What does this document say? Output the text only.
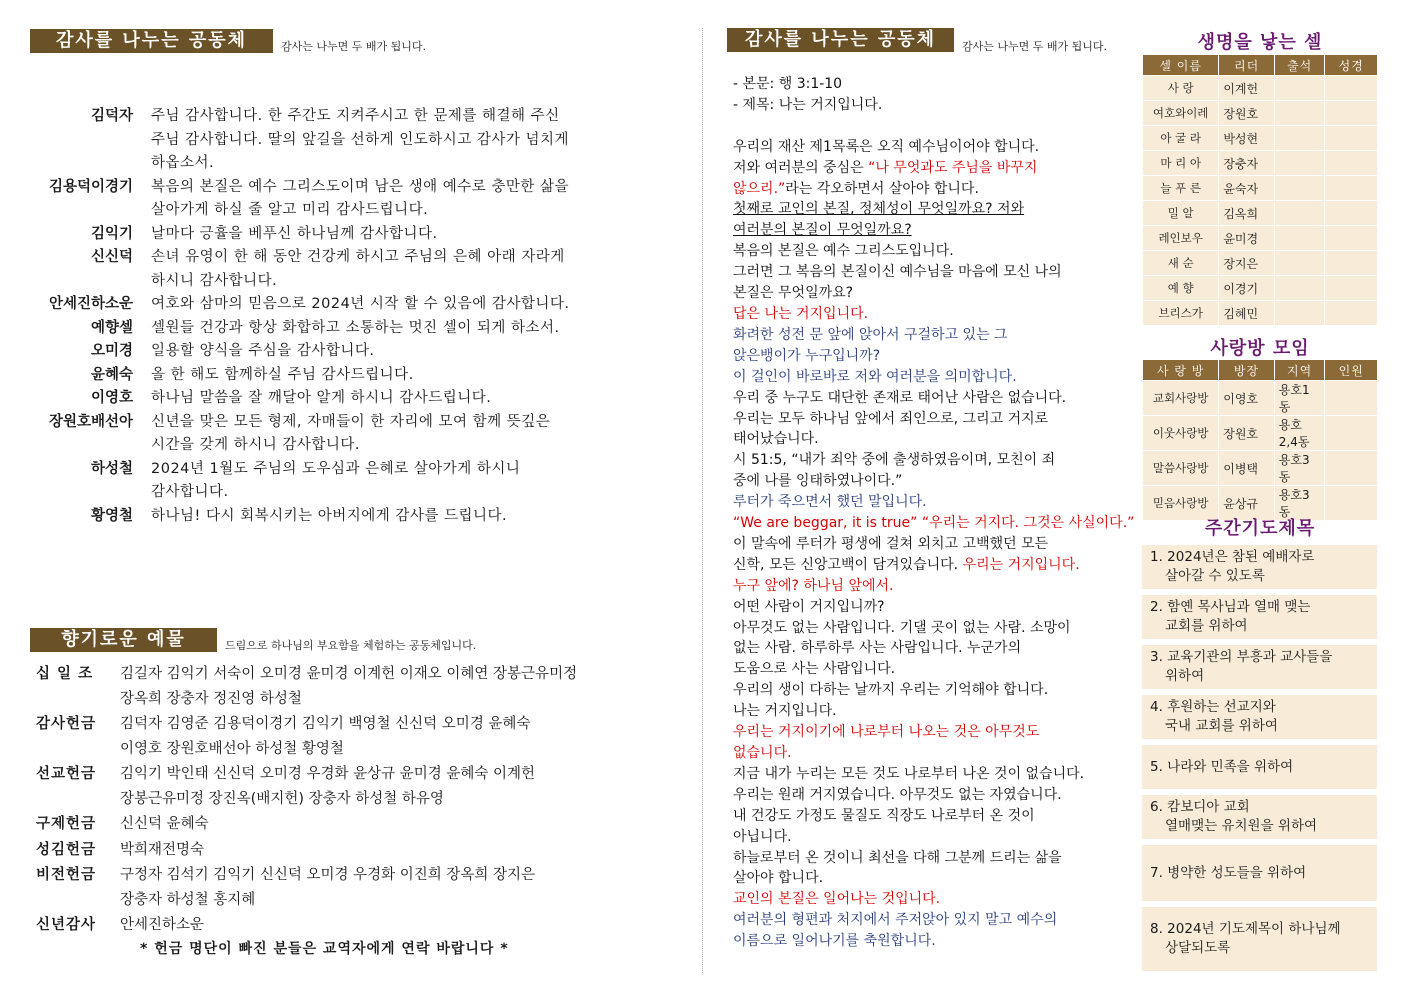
감사를 나누는 공동체	감사는 나누면 두 배가 됩니다.
김덕자	주님 감사합니다. 한 주간도 지켜주시고 한 문제를 해결해 주신
주님 감사합니다. 딸의 앞길을 선하게 인도하시고 감사가 넘치게
하옵소서.
김용덕이경기	복음의 본질은 예수 그리스도이며 남은 생애 예수로 충만한 삶을
살아가게 하실 줄 알고 미리 감사드립니다.
김익기	날마다 긍휼을 베푸신 하나님께 감사합니다.
신신덕	손녀 유영이 한 해 동안 건강케 하시고 주님의 은혜 아래 자라게
하시니 감사합니다.
안세진하소운	여호와 삼마의 믿음으로 2024년 시작 할 수 있음에 감사합니다.
예향셀	셀원들 건강과 항상 화합하고 소통하는 멋진 셀이 되게 하소서.
오미경	일용할 양식을 주심을 감사합니다.
윤혜숙	올 한 해도 함께하실 주님 감사드립니다.
이영호	하나님 말씀을 잘 깨달아 알게 하시니 감사드립니다.
장원호배선아	신년을 맞은 모든 형제, 자매들이 한 자리에 모여 함께 뜻깊은
시간을 갖게 하시니 감사합니다.
하성철	2024년 1월도 주님의 도우심과 은혜로 살아가게 하시니
감사합니다.
황영철	하나님! 다시 회복시키는 아버지에게 감사를 드립니다.
향기로운 예물	드림으로 하나님의 부요함을 체험하는 공동체입니다.
십 일 조	김길자 김익기 서숙이 오미경 윤미경 이계헌 이재오 이혜연 장봉근유미정
장옥희 장충자 정진영 하성철
감사헌금	김덕자 김영준 김용덕이경기 김익기 백영철 신신덕 오미경 윤혜숙
이영호 장원호배선아 하성철 황영철
선교헌금	김익기 박인태 신신덕 오미경 우경화 윤상규 윤미경 윤혜숙 이계헌
장봉근유미정 장진옥(배지헌) 장충자 하성철 하유영
구제헌금	신신덕 윤혜숙
성김헌금	박희재전명숙
비전헌금	구정자 김석기 김익기 신신덕 오미경 우경화 이진희 장옥희 장지은
장충자 하성철 홍지혜
신년감사	안세진하소운
* 헌금 명단이 빠진 분들은 교역자에게 연락 바랍니다 *
감사를 나누는 공동체	감사는 나누면 두 배가 됩니다.

- 본문: 행 3:1-10

- 제목: 나는 거지입니다.

우리의 재산 제1목록은 오직 예수님이어야 합니다.

저와 여러분의 중심은 “나 무엇과도 주님을 바꾸지

않으리.”라는 각오하면서 살아야 합니다.

첫째로 교인의 본질, 정체성이 무엇일까요? 저와

여러분의 본질이 무엇일까요?

복음의 본질은 예수 그리스도입니다.

그러면 그 복음의 본질이신 예수님을 마음에 모신 나의

본질은 무엇일까요?

답은 나는 거지입니다.

화려한 성전 문 앞에 앉아서 구걸하고 있는 그

앉은뱅이가 누구입니까?

이 걸인이 바로바로 저와 여러분을 의미합니다.

우리 중 누구도 대단한 존재로 태어난 사람은 없습니다.

우리는 모두 하나님 앞에서 죄인으로, 그리고 거지로

태어났습니다.

시 51:5, “내가 죄악 중에 출생하였음이며, 모친이 죄

중에 나를 잉태하였나이다.”

루터가 죽으면서 했던 말입니다.

“We are beggar, it is true” “우리는 거지다. 그것은 사실이다.”

이 말속에 루터가 평생에 걸쳐 외치고 고백했던 모든

신학, 모든 신앙고백이 담겨있습니다. 우리는 거지입니다.

누구 앞에? 하나님 앞에서.

어떤 사람이 거지입니까?

아무것도 없는 사람입니다. 기댈 곳이 없는 사람. 소망이

없는 사람. 하루하루 사는 사람입니다. 누군가의

도움으로 사는 사람입니다.

우리의 생이 다하는 날까지 우리는 기억해야 합니다.

나는 거지입니다.

우리는 거지이기에 나로부터 나오는 것은 아무것도

없습니다.

지금 내가 누리는 모든 것도 나로부터 나온 것이 없습니다.

우리는 원래 거지였습니다. 아무것도 없는 자였습니다.

내 건강도 가정도 물질도 직장도 나로부터 온 것이

아닙니다.

하늘로부터 온 것이니 최선을 다해 그분께 드리는 삶을

살아야 합니다.

교인의 본질은 일어나는 것입니다.

여러분의 형편과 처지에서 주저앉아 있지 말고 예수의

이름으로 일어나기를 축원합니다.

생명을 낳는 셀
셀 이름	리더	출석	성경
사 랑	이계헌		
여호와이레	장원호		
아 굴 라	박성현		
마 리 아	장충자		
늘 푸 른	윤숙자		
밀 알	김옥희		
레인보우	윤미경		
새 순	장지은		
예 향	이경기		
브리스가	김혜민		
사랑방 모임
사 랑 방	방장	지역	인원
교회사랑방	이영호	용호1동	
이웃사랑방	장원호	용호2,4동	
말씀사랑방	이병택	용호3동	
믿음사랑방	윤상규	용호3동	
주간기도제목
1. 2024년은 참된 예배자로
살아갈 수 있도록
2. 함옌 목사님과 열매 맺는
교회를 위하여
3. 교육기관의 부흥과 교사들을
위하여
4. 후원하는 선교지와
국내 교회를 위하여
5. 나라와 민족을 위하여
6. 캄보디아 교회
열매맺는 유치원을 위하여
7. 병약한 성도들을 위하여
8. 2024년 기도제목이 하나님께
상달되도록
